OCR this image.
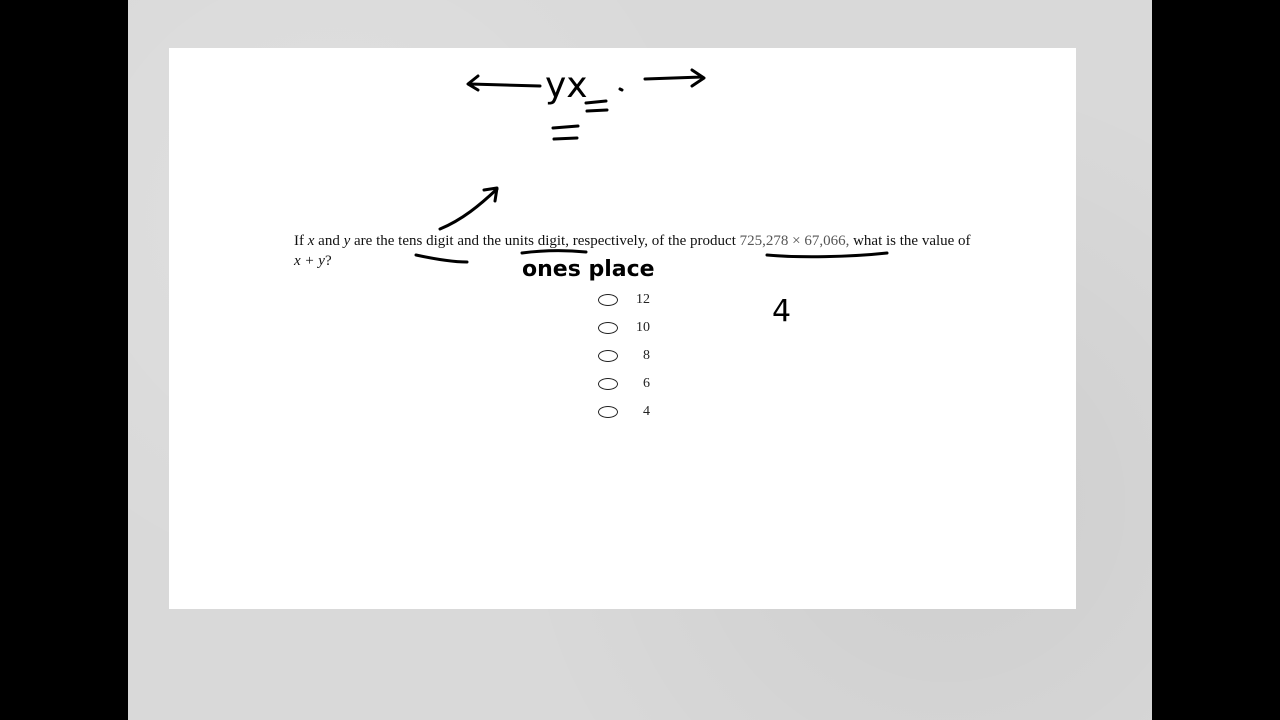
If x and y are the tens digit and the units digit, respectively, of the product 725,278 × 67,066, what is the value of x + y?
12
10
8
6
4
yx
ones place
4
